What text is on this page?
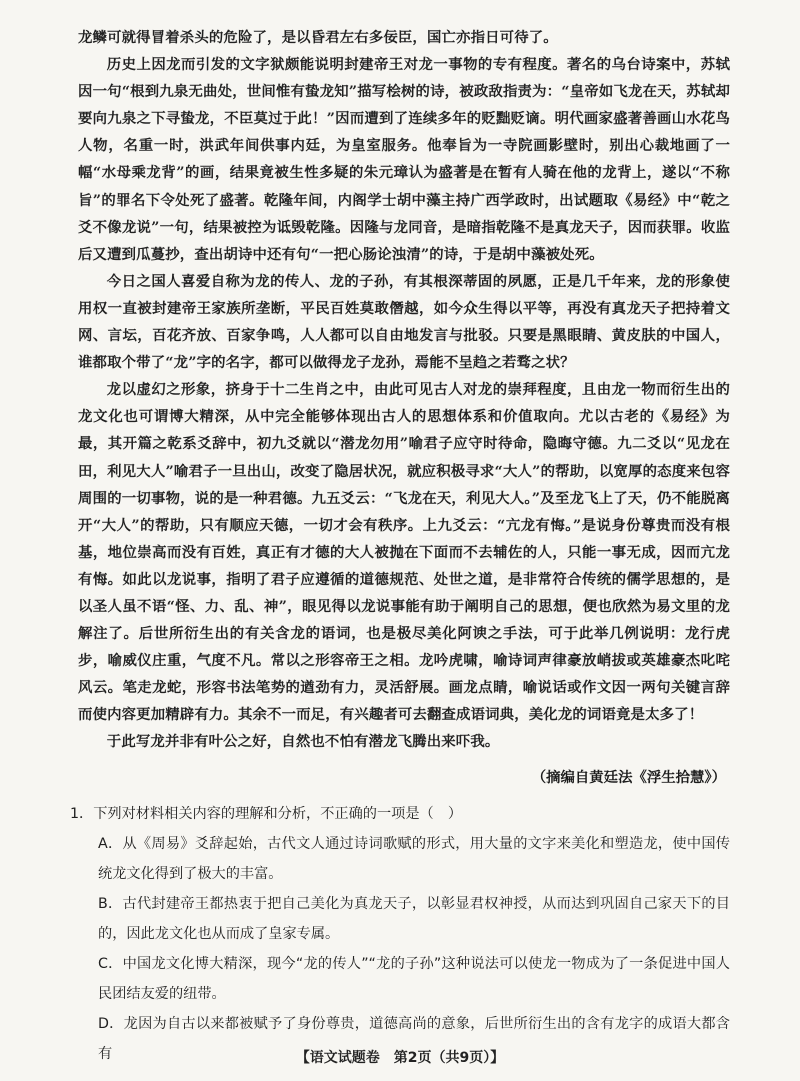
龙鳞可就得冒着杀头的危险了，是以昏君左右多佞臣，国亡亦指日可待了。

历史上因龙而引发的文字狱颇能说明封建帝王对龙一事物的专有程度。著名的乌台诗案中，苏轼因一句“根到九泉无曲处，世间惟有蛰龙知”描写桧树的诗，被政敌指责为：“皇帝如飞龙在天，苏轼却要向九泉之下寻蛰龙，不臣莫过于此！”因而遭到了连续多年的贬黜贬谪。明代画家盛著善画山水花鸟人物，名重一时，洪武年间供事内廷，为皇室服务。他奉旨为一寺院画影壁时，别出心裁地画了一幅“水母乘龙背”的画，结果竟被生性多疑的朱元璋认为盛著是在暂有人骑在他的龙背上，遂以“不称旨”的罪名下令处死了盛著。乾隆年间，内阁学士胡中藻主持广西学政时，出试题取《易经》中“乾之爻不像龙说”一句，结果被控为诋毁乾隆。因隆与龙同音，是暗指乾隆不是真龙天子，因而获罪。收监后又遭到瓜蔓抄，查出胡诗中还有句“一把心肠论浊清”的诗，于是胡中藻被处死。

今日之国人喜爱自称为龙的传人、龙的子孙，有其根深蒂固的夙愿，正是几千年来，龙的形象使用权一直被封建帝王家族所垄断，平民百姓莫敢僭越，如今众生得以平等，再没有真龙天子把持着文网、言坛，百花齐放、百家争鸣，人人都可以自由地发言与批驳。只要是黑眼睛、黄皮肤的中国人，谁都取个带了“龙”字的名字，都可以做得龙子龙孙，焉能不呈趋之若骛之状？

龙以虚幻之形象，挤身于十二生肖之中，由此可见古人对龙的崇拜程度，且由龙一物而衍生出的龙文化也可谓博大精深，从中完全能够体现出古人的思想体系和价值取向。尤以古老的《易经》为最，其开篇之乾系爻辞中，初九爻就以“潜龙勿用”喻君子应守时待命，隐晦守德。九二爻以“见龙在田，利见大人”喻君子一旦出山，改变了隐居状况，就应积极寻求“大人”的帮助，以宽厚的态度来包容周围的一切事物，说的是一种君德。九五爻云：“飞龙在天，利见大人。”及至龙飞上了天，仍不能脱离开“大人”的帮助，只有顺应天德，一切才会有秩序。上九爻云：“亢龙有悔。”是说身份尊贵而没有根基，地位崇高而没有百姓，真正有才德的大人被抛在下面而不去辅佐的人，只能一事无成，因而亢龙有悔。如此以龙说事，指明了君子应遵循的道德规范、处世之道，是非常符合传统的儒学思想的，是以圣人虽不语“怪、力、乱、神”，眼见得以龙说事能有助于阐明自己的思想，便也欣然为易文里的龙解注了。后世所衍生出的有关含龙的语词，也是极尽美化阿谀之手法，可于此举几例说明：龙行虎步，喻威仪庄重，气度不凡。常以之形容帝王之相。龙吟虎啸，喻诗词声律豪放峭拔或英雄豪杰叱咤风云。笔走龙蛇，形容书法笔势的遒劲有力，灵活舒展。画龙点睛，喻说话或作文因一两句关键言辞而使内容更加精辟有力。其余不一而足，有兴趣者可去翻查成语词典，美化龙的词语竟是太多了！

于此写龙并非有叶公之好，自然也不怕有潜龙飞腾出来吓我。

（摘编自黄廷法《浮生拾慧》）

1．下列对材料相关内容的理解和分析，不正确的一项是（　）

A．从《周易》爻辞起始，古代文人通过诗词歌赋的形式，用大量的文字来美化和塑造龙，使中国传统龙文化得到了极大的丰富。

B．古代封建帝王都热衷于把自己美化为真龙天子，以彰显君权神授，从而达到巩固自己家天下的目的，因此龙文化也从而成了皇家专属。

C．中国龙文化博大精深，现今“龙的传人”“龙的子孙”这种说法可以使龙一物成为了一条促进中国人民团结友爱的纽带。

D．龙因为自古以来都被赋予了身份尊贵，道德高尚的意象，后世所衍生出的含有龙字的成语大都含有	【语文试题卷　第2页（共9页）】
